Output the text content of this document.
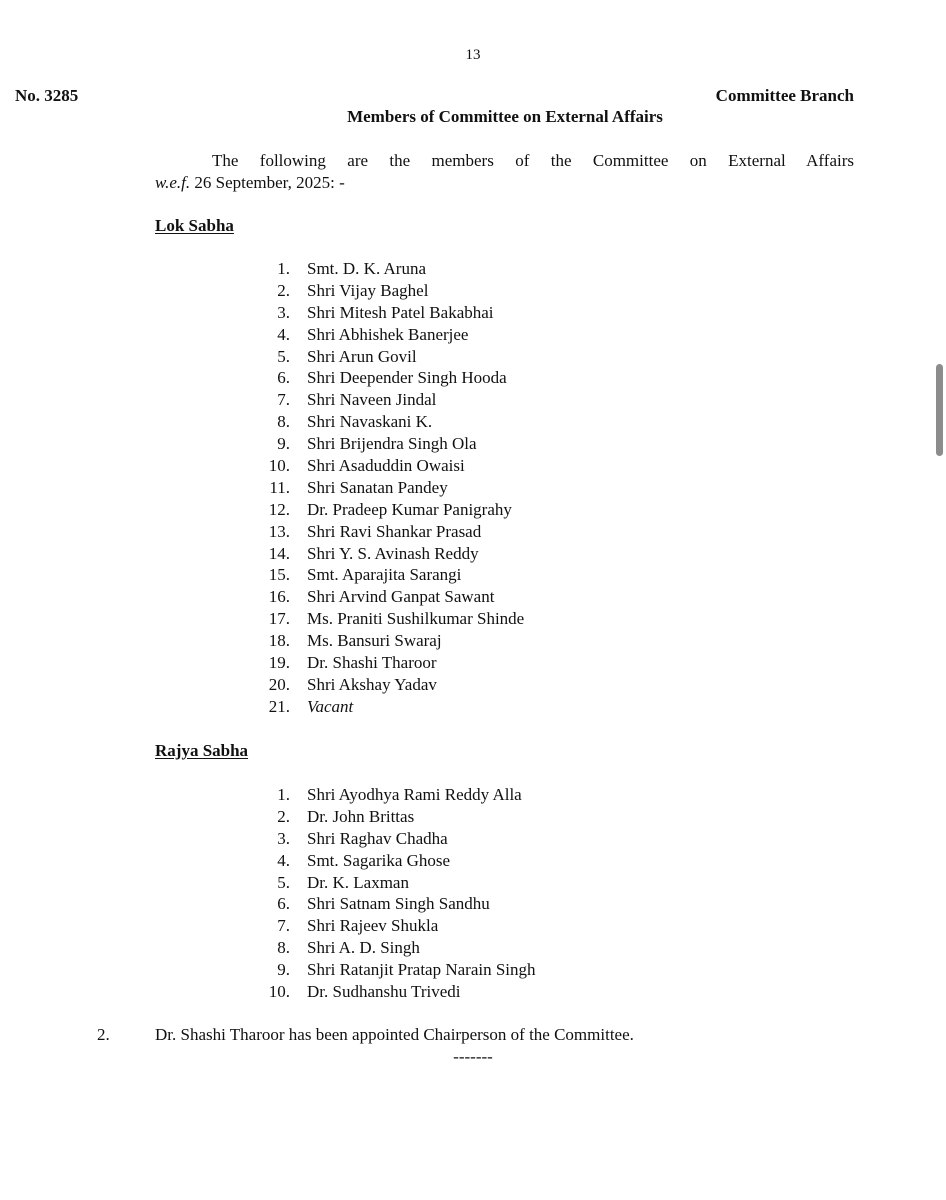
13
No. 3285	Committee Branch
Members of Committee on External Affairs
The following are the members of the Committee on External Affairs
w.e.f. 26 September, 2025: -
Lok Sabha
1. Smt. D. K. Aruna
2. Shri Vijay Baghel
3. Shri Mitesh Patel Bakabhai
4. Shri Abhishek Banerjee
5. Shri Arun Govil
6. Shri Deepender Singh Hooda
7. Shri Naveen Jindal
8. Shri Navaskani K.
9. Shri Brijendra Singh Ola
10. Shri Asaduddin Owaisi
11. Shri Sanatan Pandey
12. Dr. Pradeep Kumar Panigrahy
13. Shri Ravi Shankar Prasad
14. Shri Y. S. Avinash Reddy
15. Smt. Aparajita Sarangi
16. Shri Arvind Ganpat Sawant
17. Ms. Praniti Sushilkumar Shinde
18. Ms. Bansuri Swaraj
19. Dr. Shashi Tharoor
20. Shri Akshay Yadav
21. Vacant
Rajya Sabha
1. Shri Ayodhya Rami Reddy Alla
2. Dr. John Brittas
3. Shri Raghav Chadha
4. Smt. Sagarika Ghose
5. Dr. K. Laxman
6. Shri Satnam Singh Sandhu
7. Shri Rajeev Shukla
8. Shri A. D. Singh
9. Shri Ratanjit Pratap Narain Singh
10. Dr. Sudhanshu Trivedi
2.	Dr. Shashi Tharoor has been appointed Chairperson of the Committee.
-------
